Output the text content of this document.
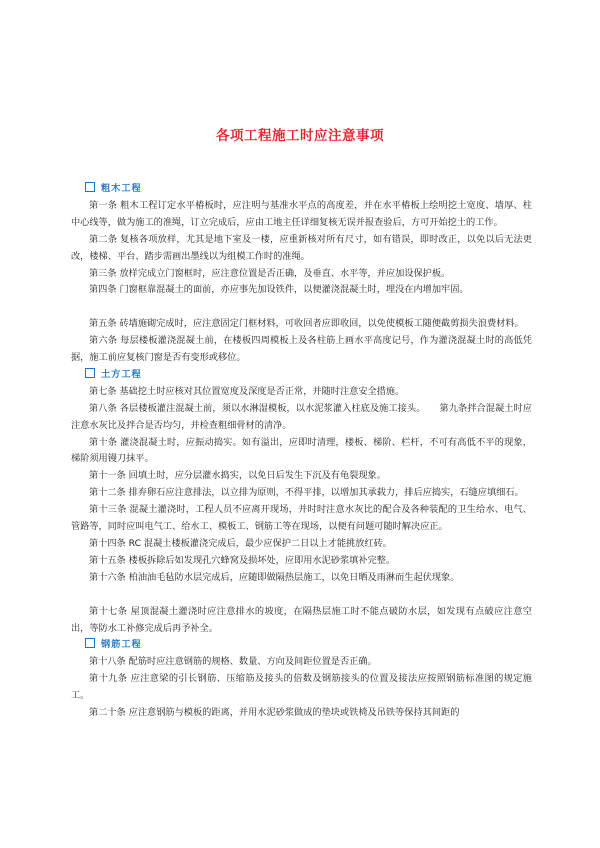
各项工程施工时应注意事项
粗木工程

第一条 粗木工程订定水平椿板时，应注明与基准水平点的高度差，并在水平椿板上绘明挖土宽度、墙厚、柱中心线等，做为施工的准绳，订立完成后，应由工地主任详细复核无误并报查验后，方可开始挖土的工作。

第二条 复核各项放样，尤其是地下室及一楼，应重新核对所有尺寸，如有错误，即时改正，以免以后无法更改，楼梯、平台、踏步需画出墨线以为组模工作时的准绳。

第三条 放样完成立门窗框时，应注意位置是否正确，及垂直、水平等，并应加设保护板。

第四条 门窗框靠混凝土的面前，亦应事先加设铁件，以便灌浇混凝土时，埋没在内增加牢固。

第五条 砖墙施砌完成时，应注意固定门框材料，可收回者应即收回，以免使模板工随便截剪损失浪费材料。

第六条 每层楼板灌浇混凝土前，在楼板四周模板上及各柱筋上画水平高度记号，作为灌浇混凝土时的高低凭据，施工前应复核门窗是否有变形或移位。

土方工程

第七条 基础挖土时应核对其位置宽度及深度是否正常，并随时注意安全措施。

第八条 各层楼板灌注混凝土前，须以水淋湿模板，以水泥浆灌入柱底及施工接头。　　第九条拌合混凝土时应注意水灰比及拌合是否均匀，并检查粗细骨材的清净。

第十条 灌浇混凝土时，应振动捣实。如有溢出，应即时清理，楼板、梯阶、栏杆，不可有高低不平的现象，梯阶须用镘刀抹平。

第十一条 回填土时，应分层灌水捣实，以免日后发生下沉及有龟裂现象。

第十二条 排弃卵石应注意排法，以立排为原则，不得平排，以增加其承载力，排后应捣实，石缝应填细石。

第十三条 混凝土灌浇时，工程人员不应离开现场，并时时注意水灰比的配合及各种装配的卫生给水、电气、管路等，同时应叫电气工、给水工、模板工、钢筋工等在现场，以便有问题可随时解决应正。

第十四条 RC 混凝土楼板灌浇完成后，最少应保护二日以上才能挑放红砖。

第十五条 楼板拆除后如发现孔穴蜂窝及损坏处，应即用水泥砂浆填补完整。

第十六条 柏油油毛毡防水层完成后，应随即做隔热层施工，以免日晒及雨淋而生起伏现象。

第十七条 屋顶混凝土灌浇时应注意排水的坡度，在隔热层施工时不能点破防水层，如发现有点破应注意空出，等防水工补修完成后再予补全。

钢筋工程

第十八条 配筋时应注意钢筋的规格、数量、方向及间距位置是否正确。

第十九条 应注意梁的引长钢筋、压缩筋及接头的倍数及钢筋接头的位置及接法应按照钢筋标准图的规定施工。

第二十条 应注意钢筋与模板的距离，并用水泥砂浆做成的垫块或铁椅及吊铁等保持其间距的
